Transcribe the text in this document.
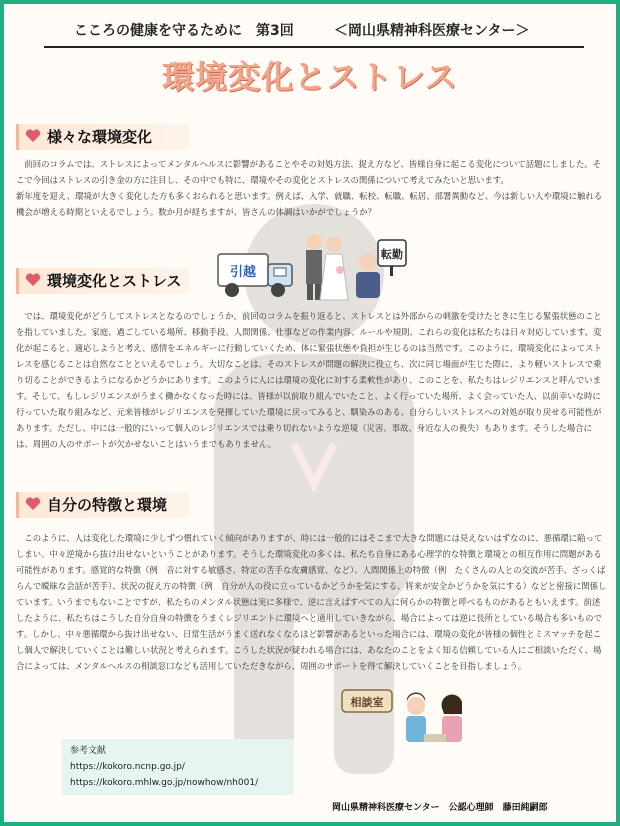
こころの健康を守るために　第3回	＜岡山県精神科医療センター＞
環境変化とストレス
様々な環境変化

前回のコラムでは、ストレスによってメンタルヘルスに影響があることやその対処方法、捉え方など、皆様自身に起こる変化について話題にしました。そこで今回はストレスの引き金の方に注目し、その中でも特に、環境やその変化とストレスの関係について考えてみたいと思います。

新年度を迎え、環境が大きく変化した方も多くおられると思います。例えば、入学、就職、転校、転職、転居、部署異動など、今は新しい人や環境に触れる機会が増える時期といえるでしょう。数か月が経ちますが、皆さんの体調はいかがでしょうか？

引越
転勤
環境変化とストレス

では、環境変化がどうしてストレスとなるのでしょうか。前回のコラムを振り返ると、ストレスとは外部からの刺激を受けたときに生じる緊張状態のことを指していました。家庭、過ごしている場所、移動手段、人間関係、仕事などの作業内容、ルールや規則、これらの変化は私たちは日々対応しています。変化が起こると、適応しようと考え、感情をエネルギーに行動していくため、体に緊張状態や負担が生じるのは当然です。このように、環境変化によってストレスを感じることは自然なことといえるでしょう。大切なことは、そのストレスが問題の解決に役立ち、次に同じ場面が生じた際に、より軽いストレスで乗り切ることができるようになるかどうかにあります。このように人には環境の変化に対する柔軟性があり、このことを、私たちはレジリエンスと呼んでいます。そして、もしレジリエンスがうまく働かなくなった時には、皆様が以前取り組んでいたこと、よく行っていた場所、よく会っていた人、以前幸いな時に行っていた取り組みなど、元来皆様がレジリエンスを発揮していた環境に戻ってみると、馴染みのある、自分らしいストレスへの対処が取り戻せる可能性があります。ただし、中には一般的にいって個人のレジリエンスでは乗り切れないような逆境（災害、事故、身近な人の喪失）もあります。そうした場合には、周囲の人のサポートが欠かせないことはいうまでもありません。

自分の特徴と環境

このように、人は変化した環境に少しずつ慣れていく傾向がありますが、時には一般的にはそこまで大きな問題には見えないはずなのに、悪循環に陥ってしまい、中々逆境から抜け出せないということがあります。そうした環境変化の多くは、私たち自身にある心理学的な特徴と環境との相互作用に問題がある可能性があります。感覚的な特徴（例　音に対する敏感さ、特定の苦手な皮膚感覚、など）、人間関係上の特徴（例　たくさんの人との交流が苦手、ざっくばらんで曖昧な会話が苦手）、状況の捉え方の特徴（例　自分が人の役に立っているかどうかを気にする、将来が安全かどうかを気にする）などと密接に関係しています。いうまでもないことですが、私たちのメンタル状態は実に多様で、逆に言えばすべての人に何らかの特徴と呼べるものがあるともいえます。前述したように、私たちはこうした自分自身の特徴をうまくレジリエントに環境へと適用していきながら、場合によっては逆に長所としている場合も多いものです。しかし、中々悪循環から抜け出せない、日常生活がうまく送れなくなるほど影響があるといった場合には、環境の変化が皆様の個性とミスマッチを起こし個人で解決していくことは難しい状況と考えられます。こうした状況が疑われる場合には、あなたのことをよく知る信頼している人にご相談いただく、場合によっては、メンタルヘルスの相談窓口なども活用していただきながら、周囲のサポートを得て解決していくことを目指しましょう。

相談室
参考文献
https://kokoro.ncnp.go.jp/
https://kokoro.mhlw.go.jp/nowhow/nh001/
岡山県精神科医療センター　公認心理師　藤田純嗣郎
